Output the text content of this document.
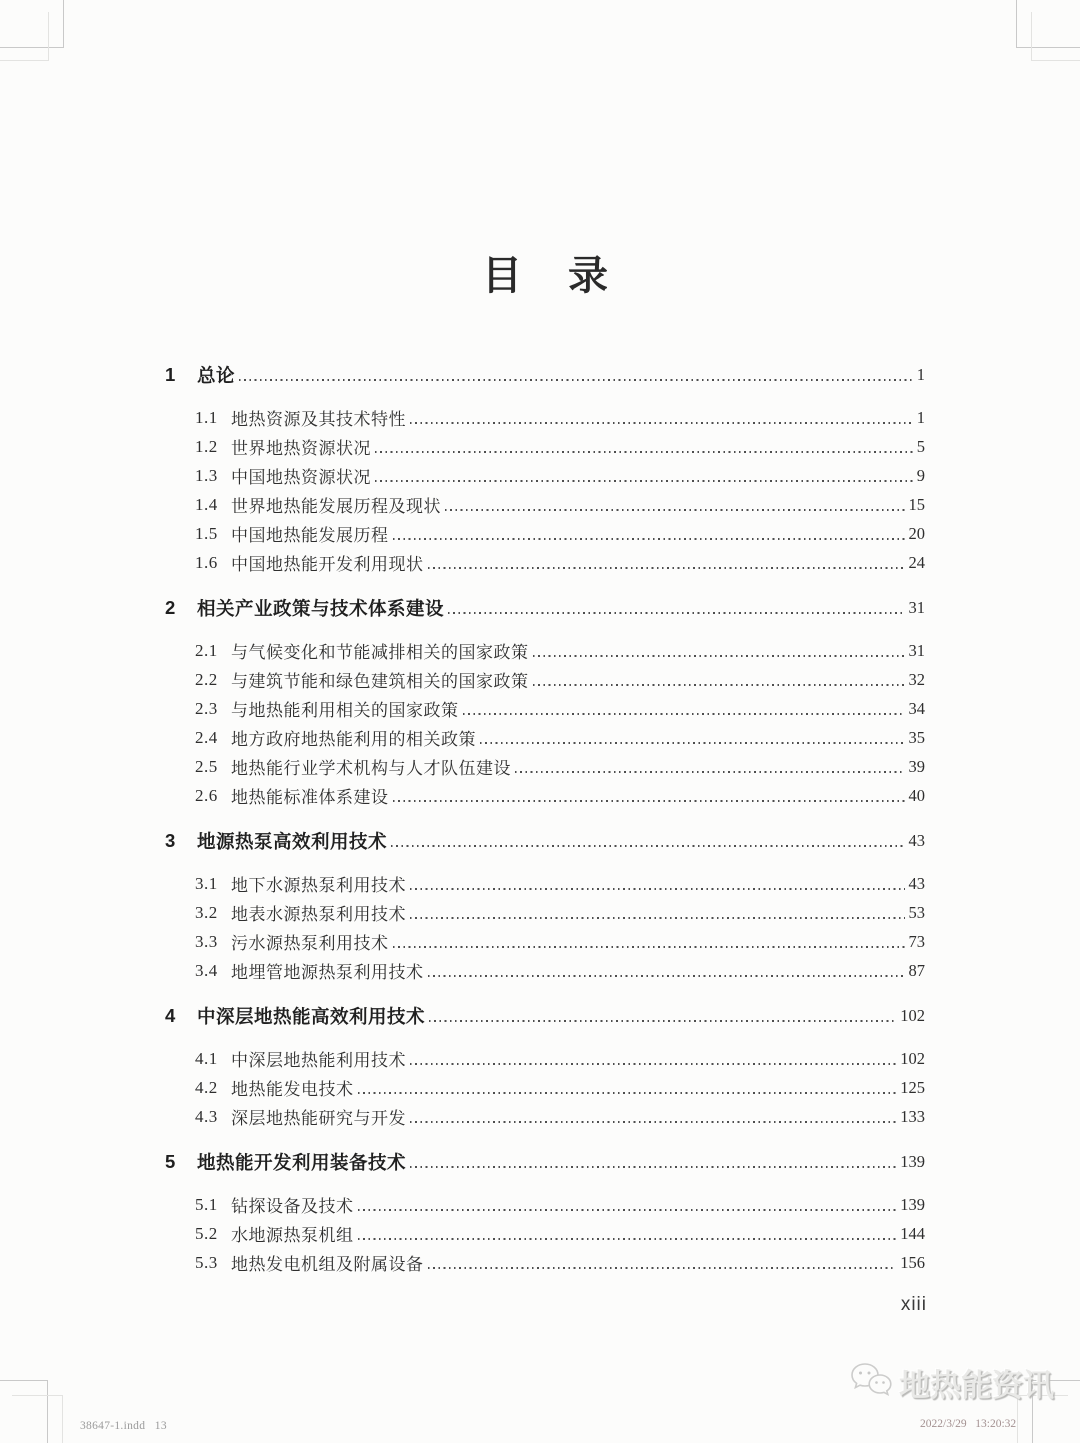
目 录
1	总论	1
1.1 地热资源及其技术特性	1
1.2 世界地热资源状况	5
1.3 中国地热资源状况	9
1.4 世界地热能发展历程及现状	15
1.5 中国地热能发展历程	20
1.6 中国地热能开发利用现状	24
2	相关产业政策与技术体系建设	31
2.1 与气候变化和节能减排相关的国家政策	31
2.2 与建筑节能和绿色建筑相关的国家政策	32
2.3 与地热能利用相关的国家政策	34
2.4 地方政府地热能利用的相关政策	35
2.5 地热能行业学术机构与人才队伍建设	39
2.6 地热能标准体系建设	40
3	地源热泵高效利用技术	43
3.1 地下水源热泵利用技术	43
3.2 地表水源热泵利用技术	53
3.3 污水源热泵利用技术	73
3.4 地埋管地源热泵利用技术	87
4	中深层地热能高效利用技术	102
4.1 中深层地热能利用技术	102
4.2 地热能发电技术	125
4.3 深层地热能研究与开发	133
5	地热能开发利用装备技术	139
5.1 钻探设备及技术	139
5.2 水地源热泵机组	144
5.3 地热发电机组及附属设备	156
xiii
地热能资讯
38647-1.indd   13	2022/3/29   13:20:32
